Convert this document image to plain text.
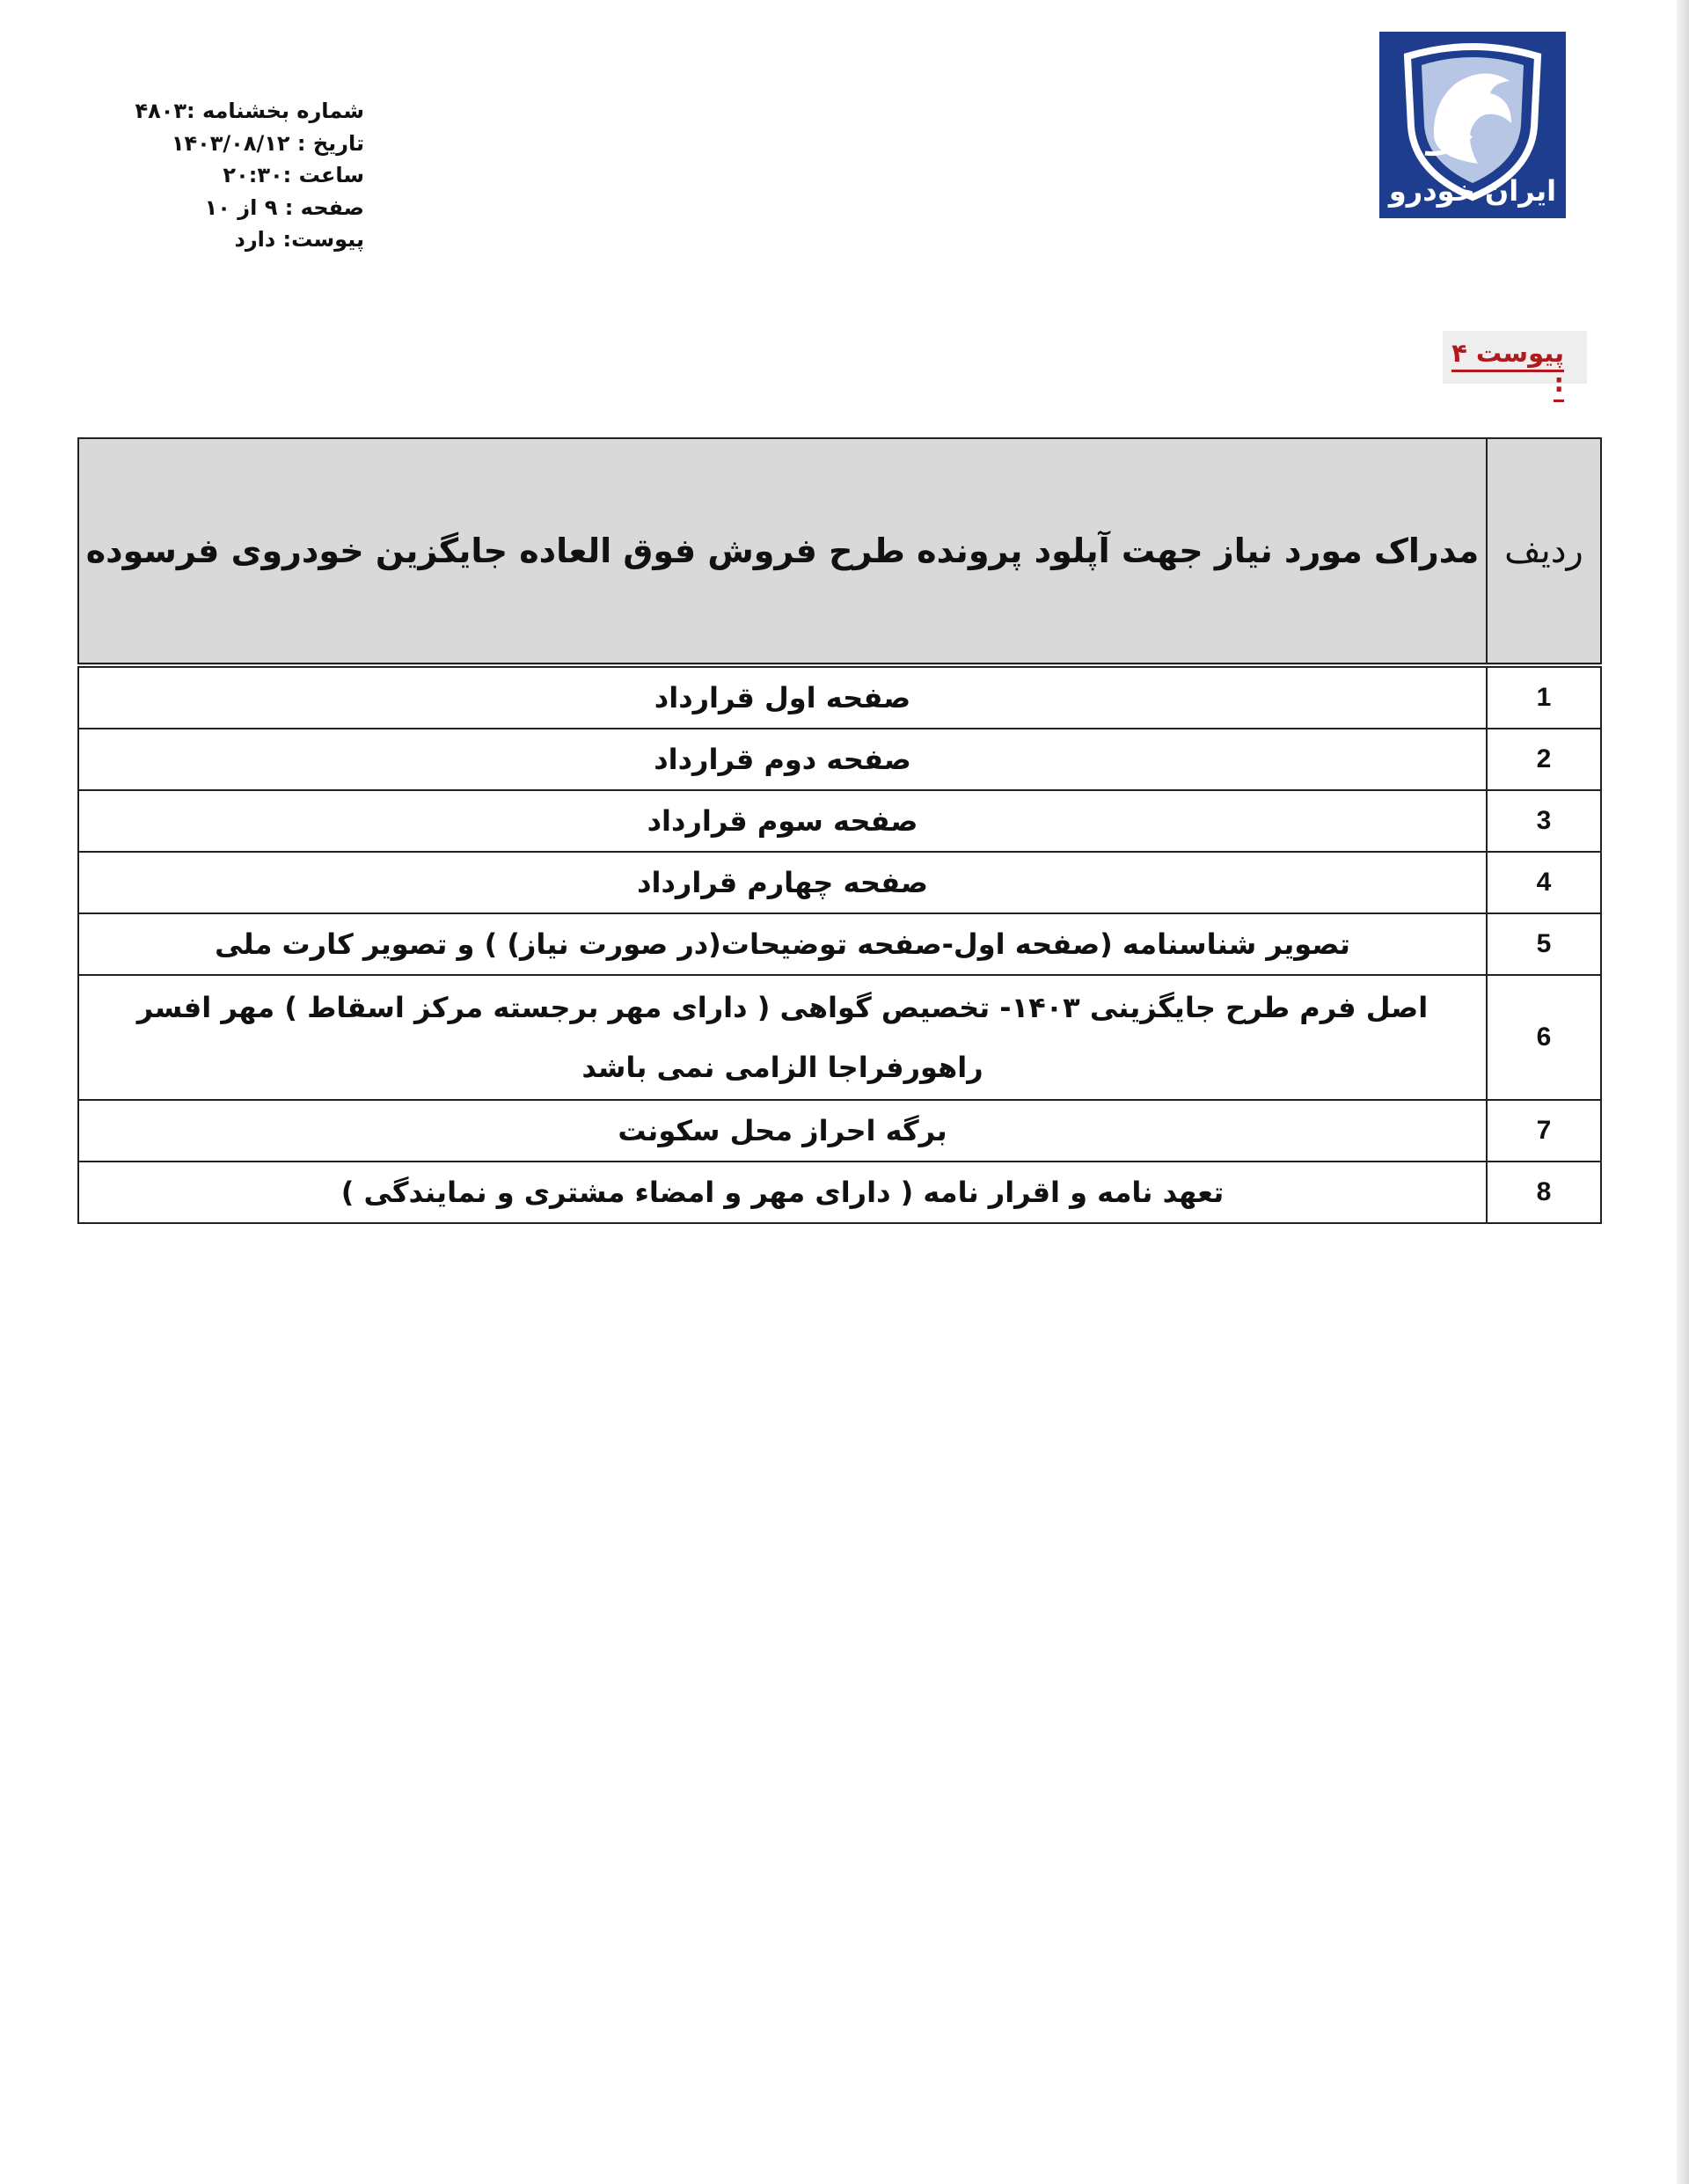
شماره بخشنامه :۴۸۰۳
تاریخ : ۱۴۰۳/۰۸/۱۲
ساعت :۲۰:۳۰
صفحه : ۹ از ۱۰
پیوست: دارد
ایران خودرو
پیوست ۴ :
ردیف	مدراک مورد نیاز جهت آپلود پرونده طرح فروش فوق العاده جایگزین خودروی فرسوده
1	صفحه اول قرارداد
2	صفحه دوم قرارداد
3	صفحه سوم قرارداد
4	صفحه چهارم قرارداد
5	تصویر شناسنامه (صفحه اول-صفحه توضیحات(در صورت نیاز) ) و تصویر کارت ملی
6	اصل فرم طرح جایگزینی ۱۴۰۳- تخصیص گواهی ( دارای مهر برجسته مرکز اسقاط ) مهر افسر راهورفراجا الزامی نمی باشد
7	برگه احراز محل سکونت
8	تعهد نامه و اقرار نامه ( دارای مهر و امضاء مشتری و نمایندگی )
